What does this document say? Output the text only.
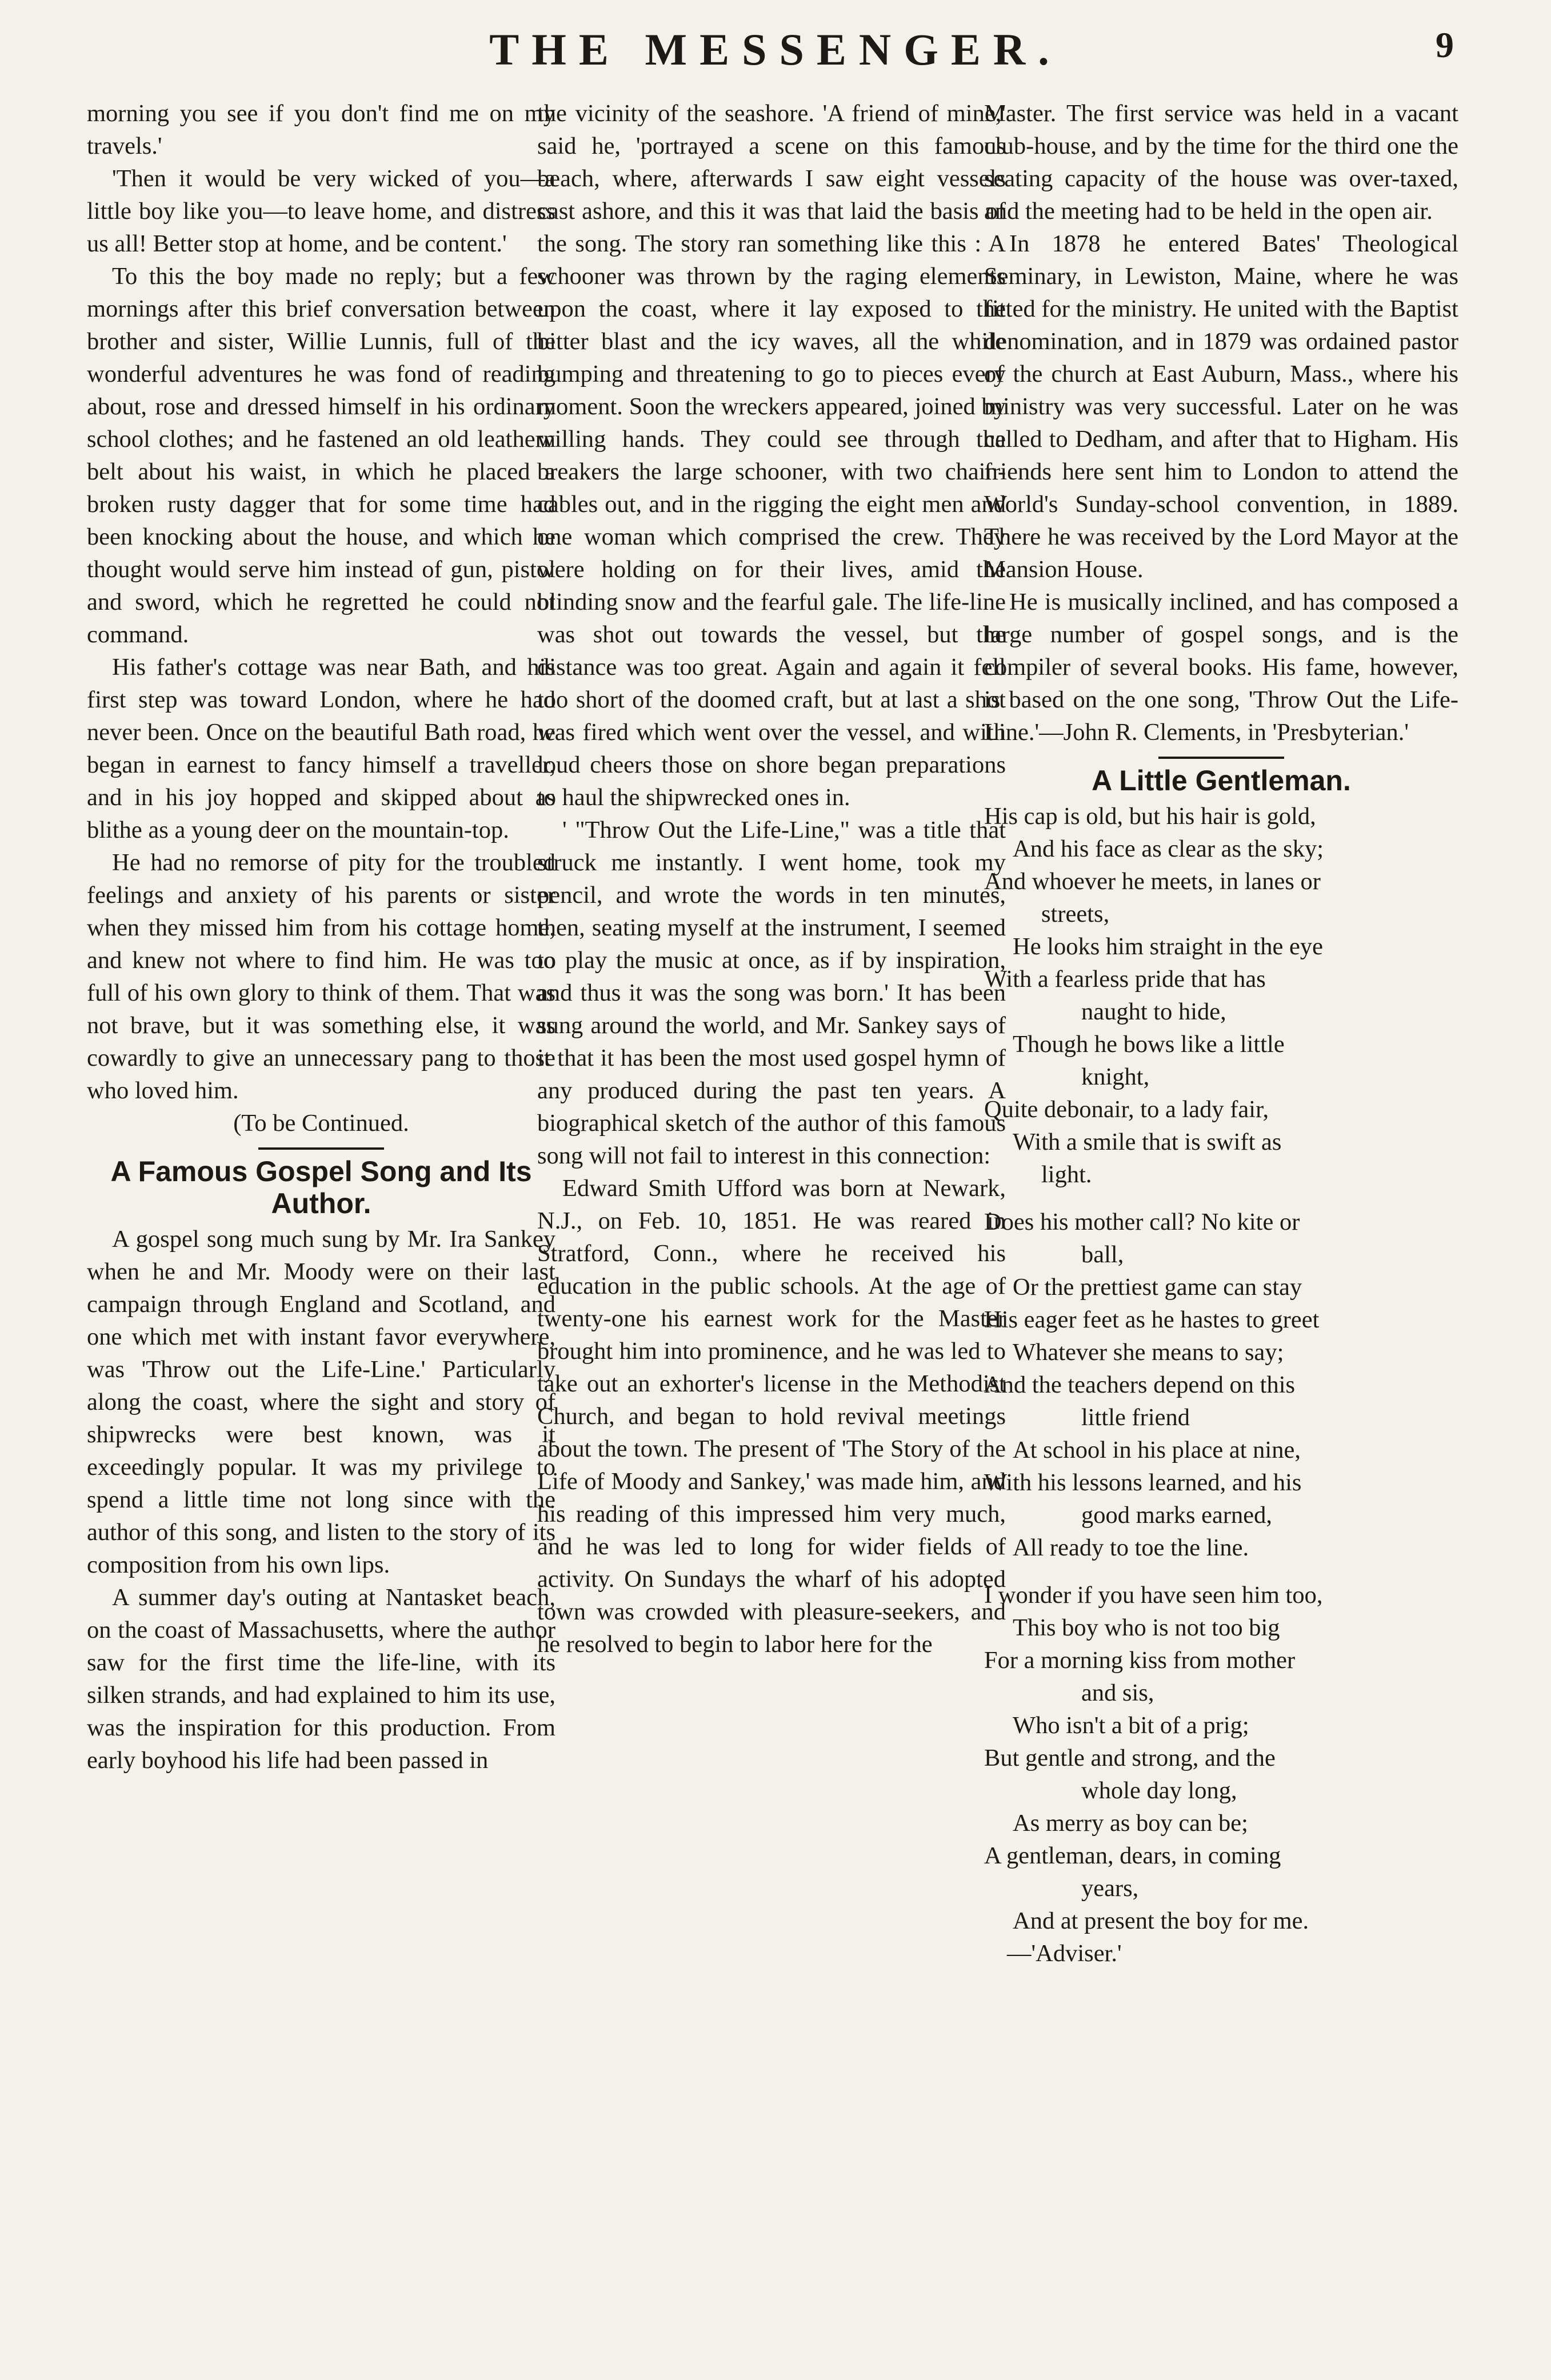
THE MESSENGER.	9

morning you see if you don't find me on my travels.'

'Then it would be very wicked of you—a little boy like you—to leave home, and distress us all! Better stop at home, and be content.'

To this the boy made no reply; but a few mornings after this brief conversation between brother and sister, Willie Lunnis, full of the wonderful adventures he was fond of reading about, rose and dressed himself in his ordinary school clothes; and he fastened an old leathern belt about his waist, in which he placed a broken rusty dagger that for some time had been knocking about the house, and which he thought would serve him instead of gun, pistol and sword, which he regretted he could not command.

His father's cottage was near Bath, and his first step was toward London, where he had never been. Once on the beautiful Bath road, he began in earnest to fancy himself a traveller, and in his joy hopped and skipped about as blithe as a young deer on the mountain-top.

He had no remorse of pity for the troubled feelings and anxiety of his parents or sister when they missed him from his cottage home, and knew not where to find him. He was too full of his own glory to think of them. That was not brave, but it was something else, it was cowardly to give an unnecessary pang to those who loved him.

(To be Continued.

A Famous Gospel Song and Its Author.

A gospel song much sung by Mr. Ira Sankey when he and Mr. Moody were on their last campaign through England and Scotland, and one which met with instant favor everywhere, was 'Throw out the Life-Line.' Particularly along the coast, where the sight and story of shipwrecks were best known, was it exceedingly popular. It was my privilege to spend a little time not long since with the author of this song, and listen to the story of its composition from his own lips.

A summer day's outing at Nantasket beach, on the coast of Massachusetts, where the author saw for the first time the life-line, with its silken strands, and had explained to him its use, was the inspiration for this production. From early boyhood his life had been passed in

the vicinity of the seashore. 'A friend of mine,' said he, 'portrayed a scene on this famous beach, where, afterwards I saw eight vessels cast ashore, and this it was that laid the basis of the song. The story ran something like this : A schooner was thrown by the raging elements upon the coast, where it lay exposed to the bitter blast and the icy waves, all the while bumping and threatening to go to pieces every moment. Soon the wreckers appeared, joined by willing hands. They could see through the breakers the large schooner, with two chain-cables out, and in the rigging the eight men and one woman which comprised the crew. They were holding on for their lives, amid the blinding snow and the fearful gale. The life-line was shot out towards the vessel, but the distance was too great. Again and again it fell too short of the doomed craft, but at last a shot was fired which went over the vessel, and with loud cheers those on shore began preparations to haul the shipwrecked ones in.

' "Throw Out the Life-Line," was a title that struck me instantly. I went home, took my pencil, and wrote the words in ten minutes, then, seating myself at the instrument, I seemed to play the music at once, as if by inspiration, and thus it was the song was born.' It has been sung around the world, and Mr. Sankey says of it that it has been the most used gospel hymn of any produced during the past ten years. A biographical sketch of the author of this famous song will not fail to interest in this connection:

Edward Smith Ufford was born at Newark, N.J., on Feb. 10, 1851. He was reared in Stratford, Conn., where he received his education in the public schools. At the age of twenty-one his earnest work for the Master brought him into prominence, and he was led to take out an exhorter's license in the Methodist Church, and began to hold revival meetings about the town. The present of 'The Story of the Life of Moody and Sankey,' was made him, and his reading of this impressed him very much, and he was led to long for wider fields of activity. On Sundays the wharf of his adopted town was crowded with pleasure-seekers, and he resolved to begin to labor here for the

Master. The first service was held in a vacant club-house, and by the time for the third one the seating capacity of the house was over-taxed, and the meeting had to be held in the open air.

In 1878 he entered Bates' Theological Seminary, in Lewiston, Maine, where he was fitted for the ministry. He united with the Baptist denomination, and in 1879 was ordained pastor of the church at East Auburn, Mass., where his ministry was very successful. Later on he was called to Dedham, and after that to Higham. His friends here sent him to London to attend the World's Sunday-school convention, in 1889. There he was received by the Lord Mayor at the Mansion House.

He is musically inclined, and has composed a large number of gospel songs, and is the compiler of several books. His fame, however, is based on the one song, 'Throw Out the Life-Line.'—John R. Clements, in 'Presbyterian.'

A Little Gentleman.
His cap is old, but his hair is gold,
And his face as clear as the sky;
And whoever he meets, in lanes or
streets,
He looks him straight in the eye
With a fearless pride that has
naught to hide,
Though he bows like a little
knight,
Quite debonair, to a lady fair,
With a smile that is swift as
light.
Does his mother call? No kite or
ball,
Or the prettiest game can stay
His eager feet as he hastes to greet
Whatever she means to say;
And the teachers depend on this
little friend
At school in his place at nine,
With his lessons learned, and his
good marks earned,
All ready to toe the line.
I wonder if you have seen him too,
This boy who is not too big
For a morning kiss from mother
and sis,
Who isn't a bit of a prig;
But gentle and strong, and the
whole day long,
As merry as boy can be;
A gentleman, dears, in coming
years,
And at present the boy for me.
—'Adviser.'
